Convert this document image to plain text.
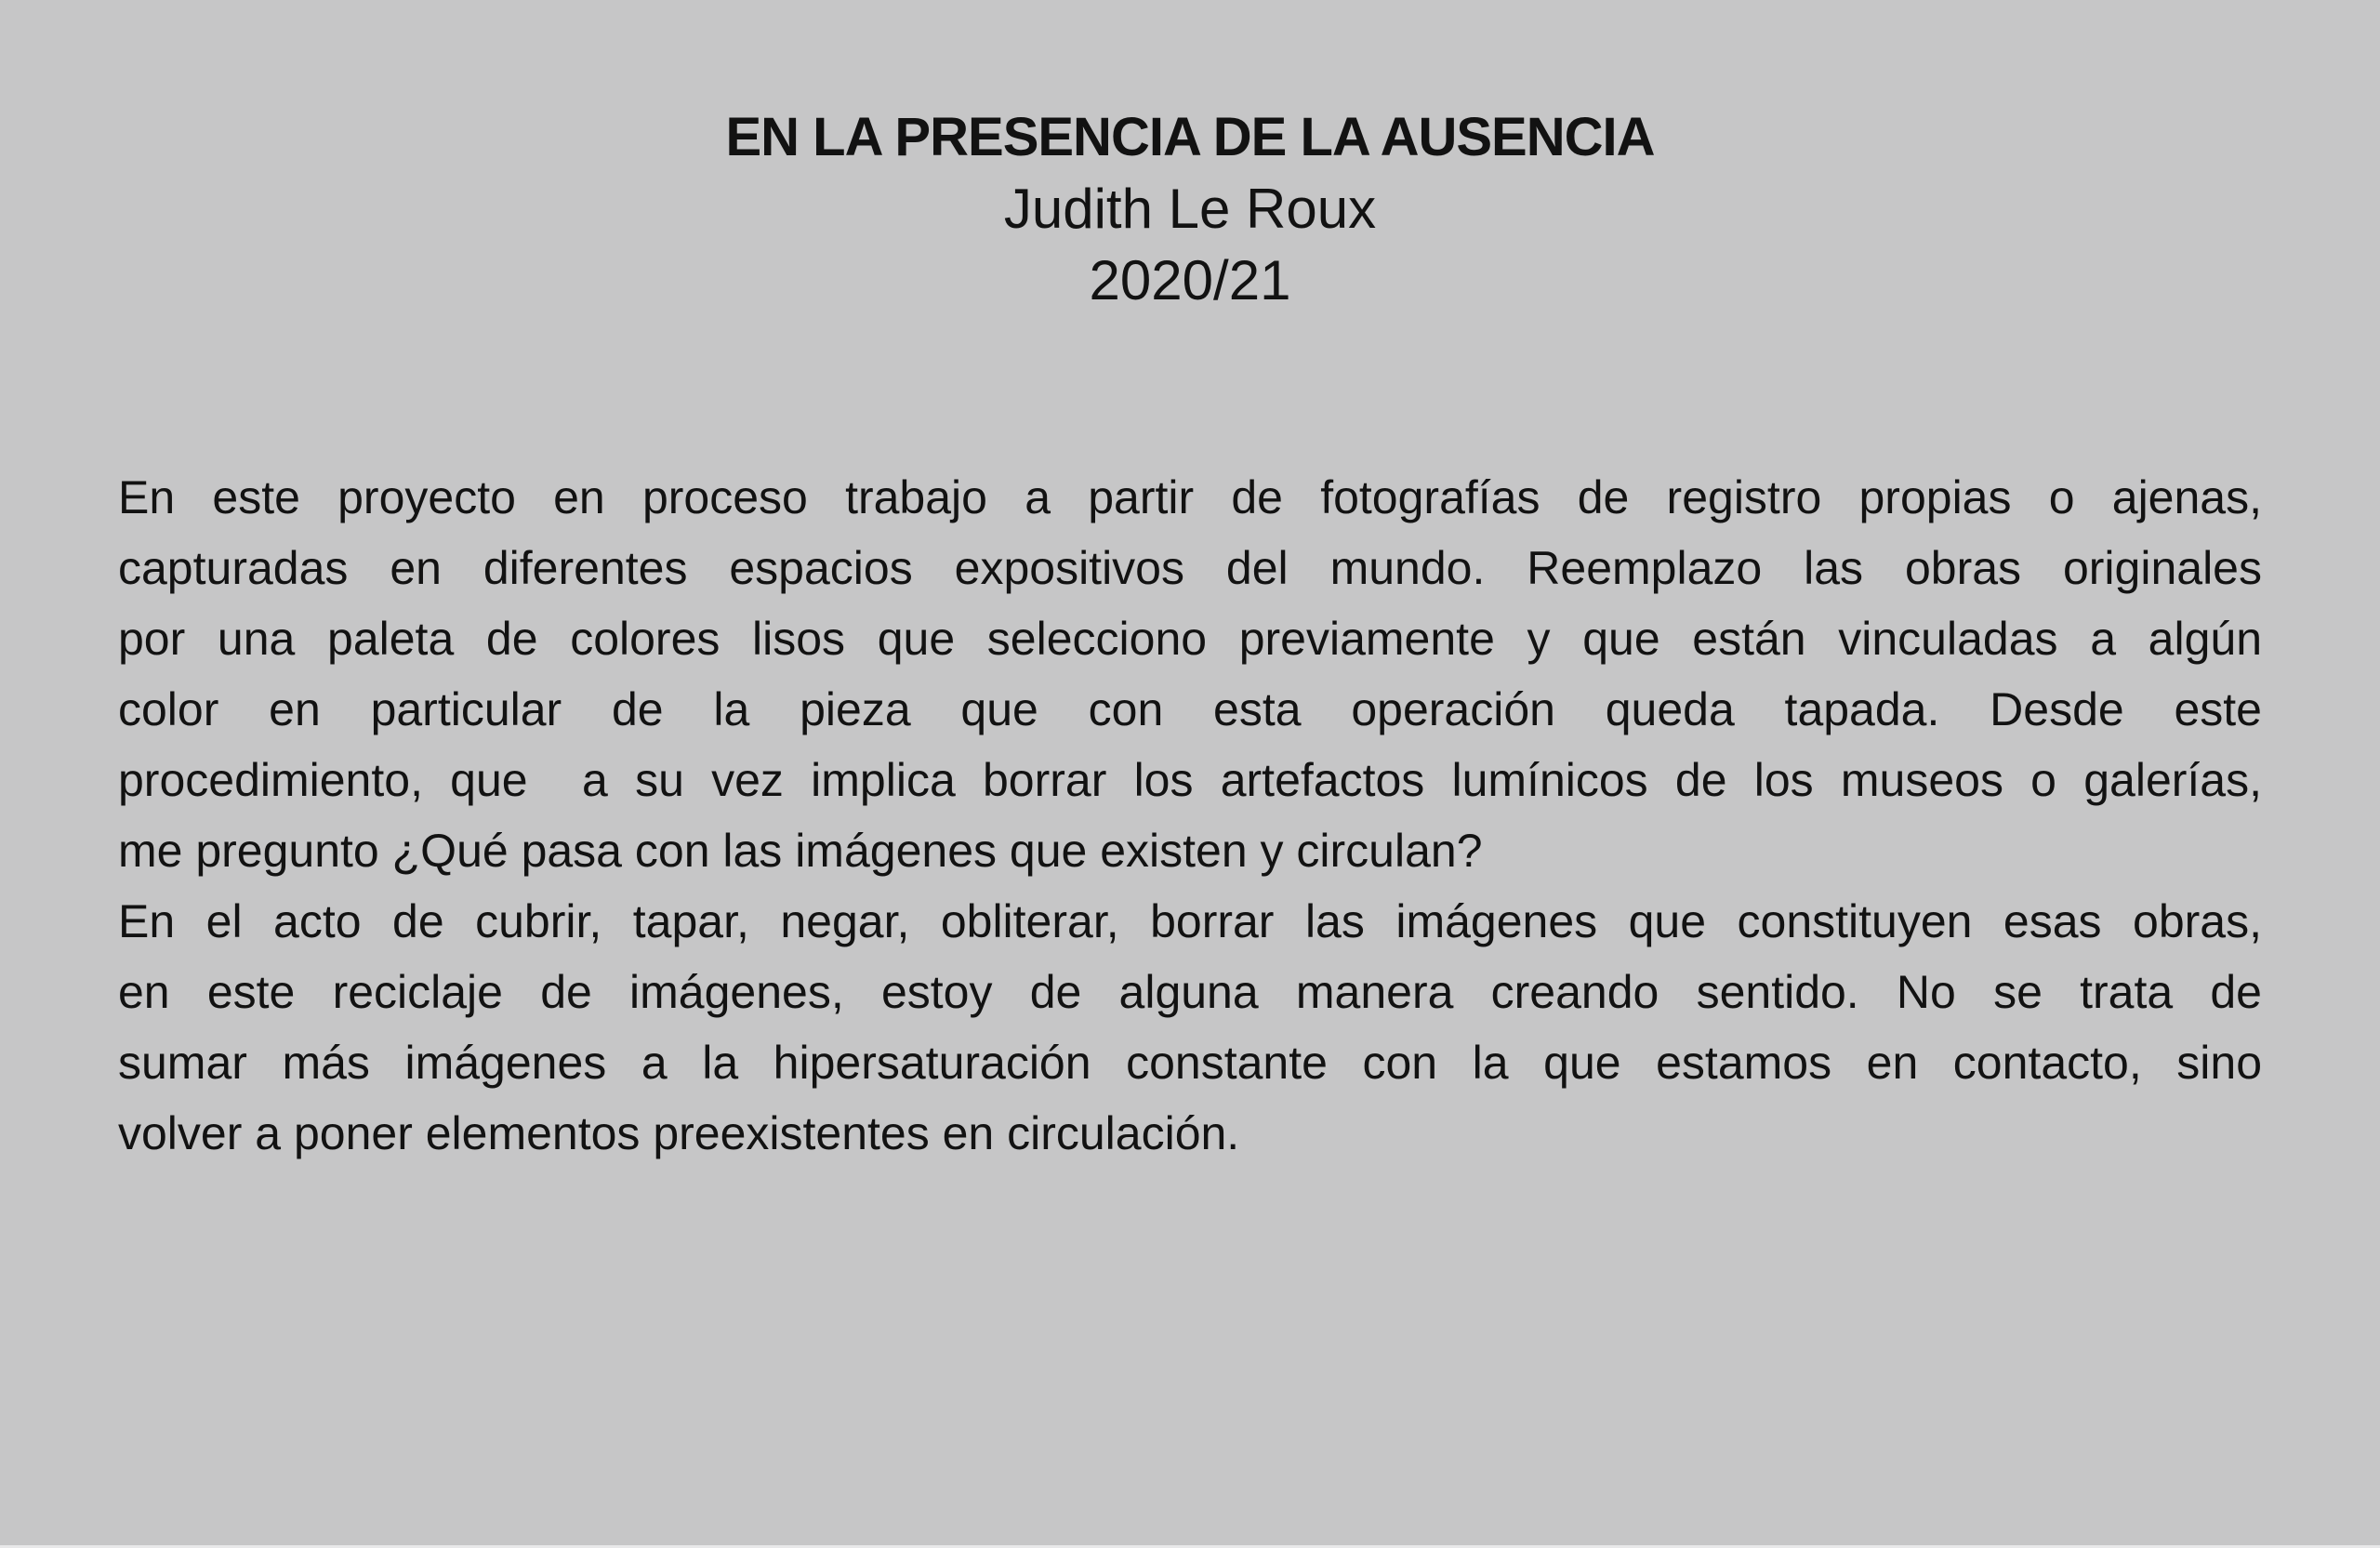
EN LA PRESENCIA DE LA AUSENCIA
Judith Le Roux
2020/21
En este proyecto en proceso trabajo a partir de fotografías de registro propias o ajenas,
capturadas en diferentes espacios expositivos del mundo. Reemplazo las obras originales
por una paleta de colores lisos que selecciono previamente y que están vinculadas a algún
color en particular de la pieza que con esta operación queda tapada. Desde este
procedimiento, que  a su vez implica borrar los artefactos lumínicos de los museos o galerías,
me pregunto ¿Qué pasa con las imágenes que existen y circulan?
En el acto de cubrir, tapar, negar, obliterar, borrar las imágenes que constituyen esas obras,
en este reciclaje de imágenes, estoy de alguna manera creando sentido. No se trata de
sumar más imágenes a la hipersaturación constante con la que estamos en contacto, sino
volver a poner elementos preexistentes en circulación.
